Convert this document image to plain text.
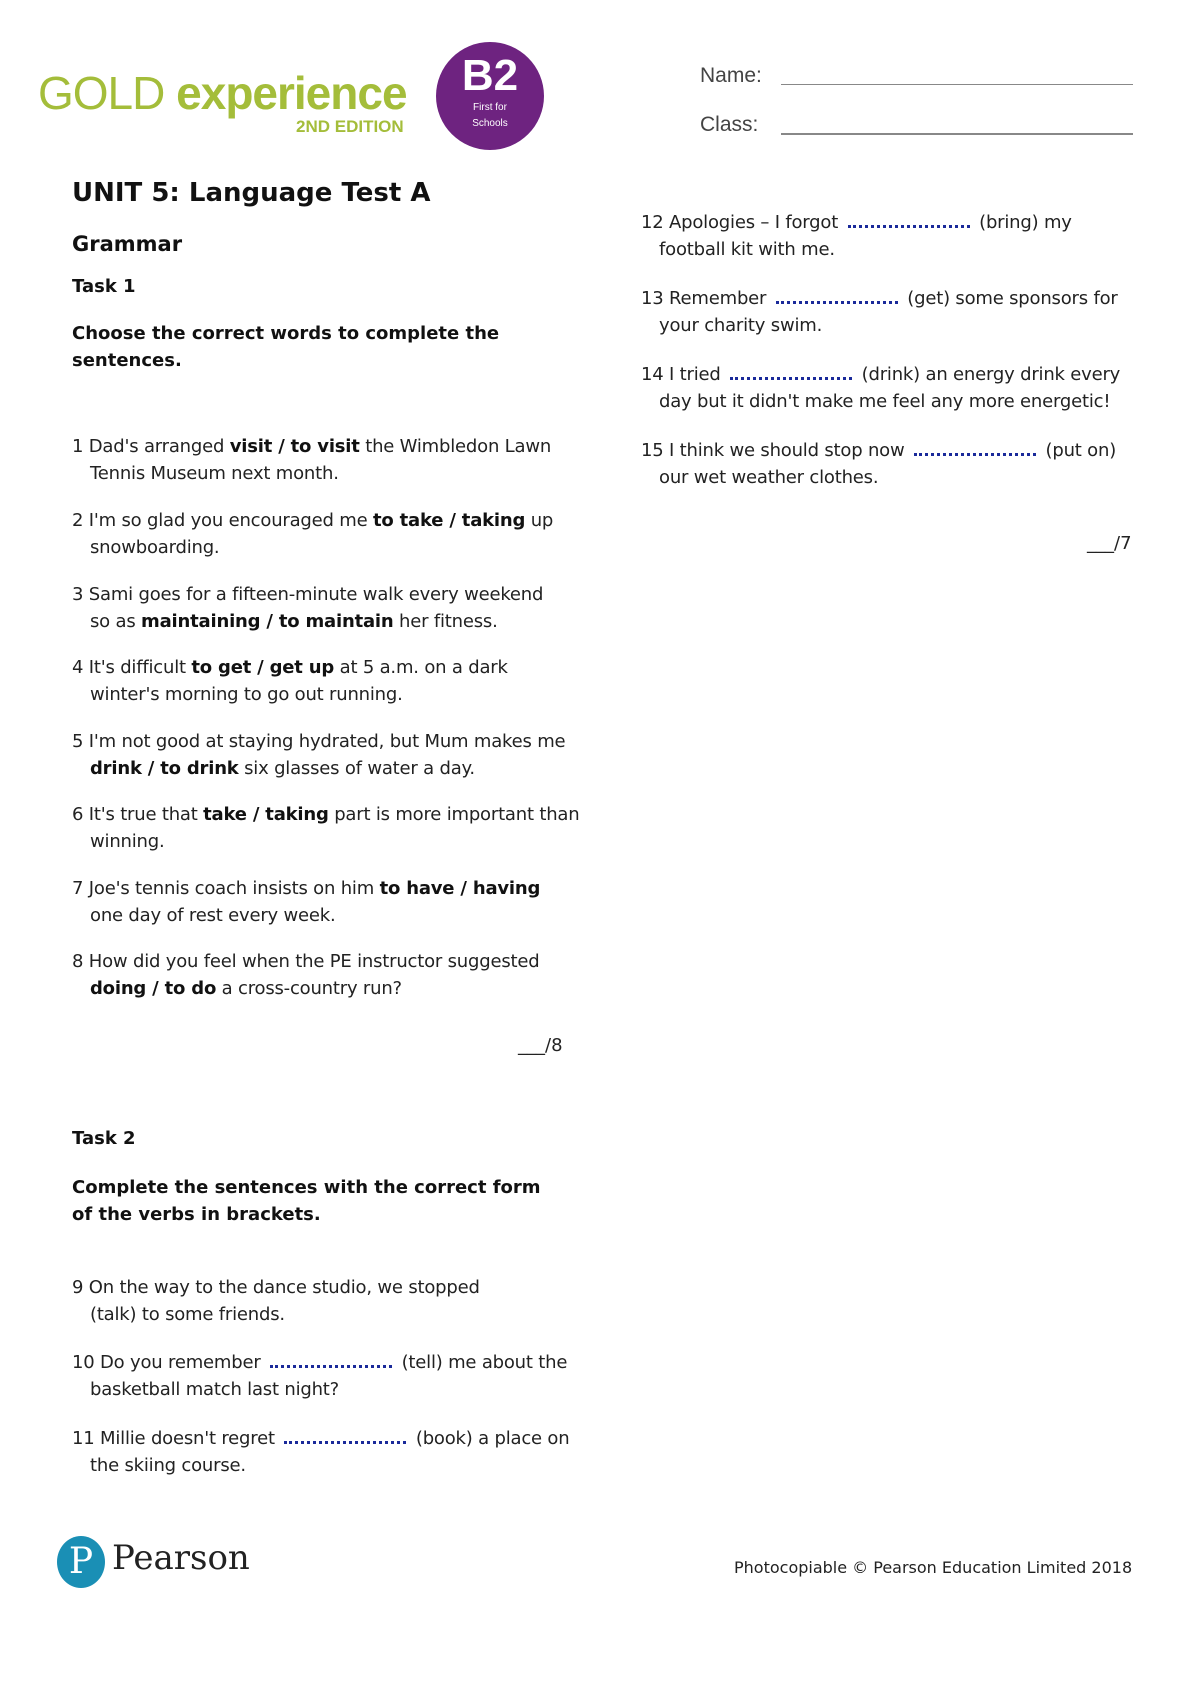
GOLD experience
2ND EDITION
B2
First for
Schools
Name:
Class:
UNIT 5: Language Test A
Grammar
Task 1
Choose the correct words to complete the sentences.
___/8
Task 2
Complete the sentences with the correct form of the verbs in brackets.
___/7
1 Dad's arranged visit / to visit the Wimbledon Lawn
Tennis Museum next month.
2 I'm so glad you encouraged me to take / taking up
snowboarding.
3 Sami goes for a fifteen-minute walk every weekend
so as maintaining / to maintain her fitness.
4 It's difficult to get / get up at 5 a.m. on a dark
winter's morning to go out running.
5 I'm not good at staying hydrated, but Mum makes me
drink / to drink six glasses of water a day.
6 It's true that take / taking part is more important than
winning.
7 Joe's tennis coach insists on him to have / having
one day of rest every week.
8 How did you feel when the PE instructor suggested
doing / to do a cross-country run?
9 On the way to the dance studio, we stopped
(talk) to some friends.
10 Do you remember	(tell) me about the
basketball match last night?
11 Millie doesn't regret	(book) a place on
the skiing course.
12 Apologies – I forgot	(bring) my
football kit with me.
13 Remember	(get) some sponsors for
your charity swim.
14 I tried	(drink) an energy drink every
day but it didn't make me feel any more energetic!
15 I think we should stop now	(put on)
our wet weather clothes.
P Pearson	Photocopiable © Pearson Education Limited 2018
